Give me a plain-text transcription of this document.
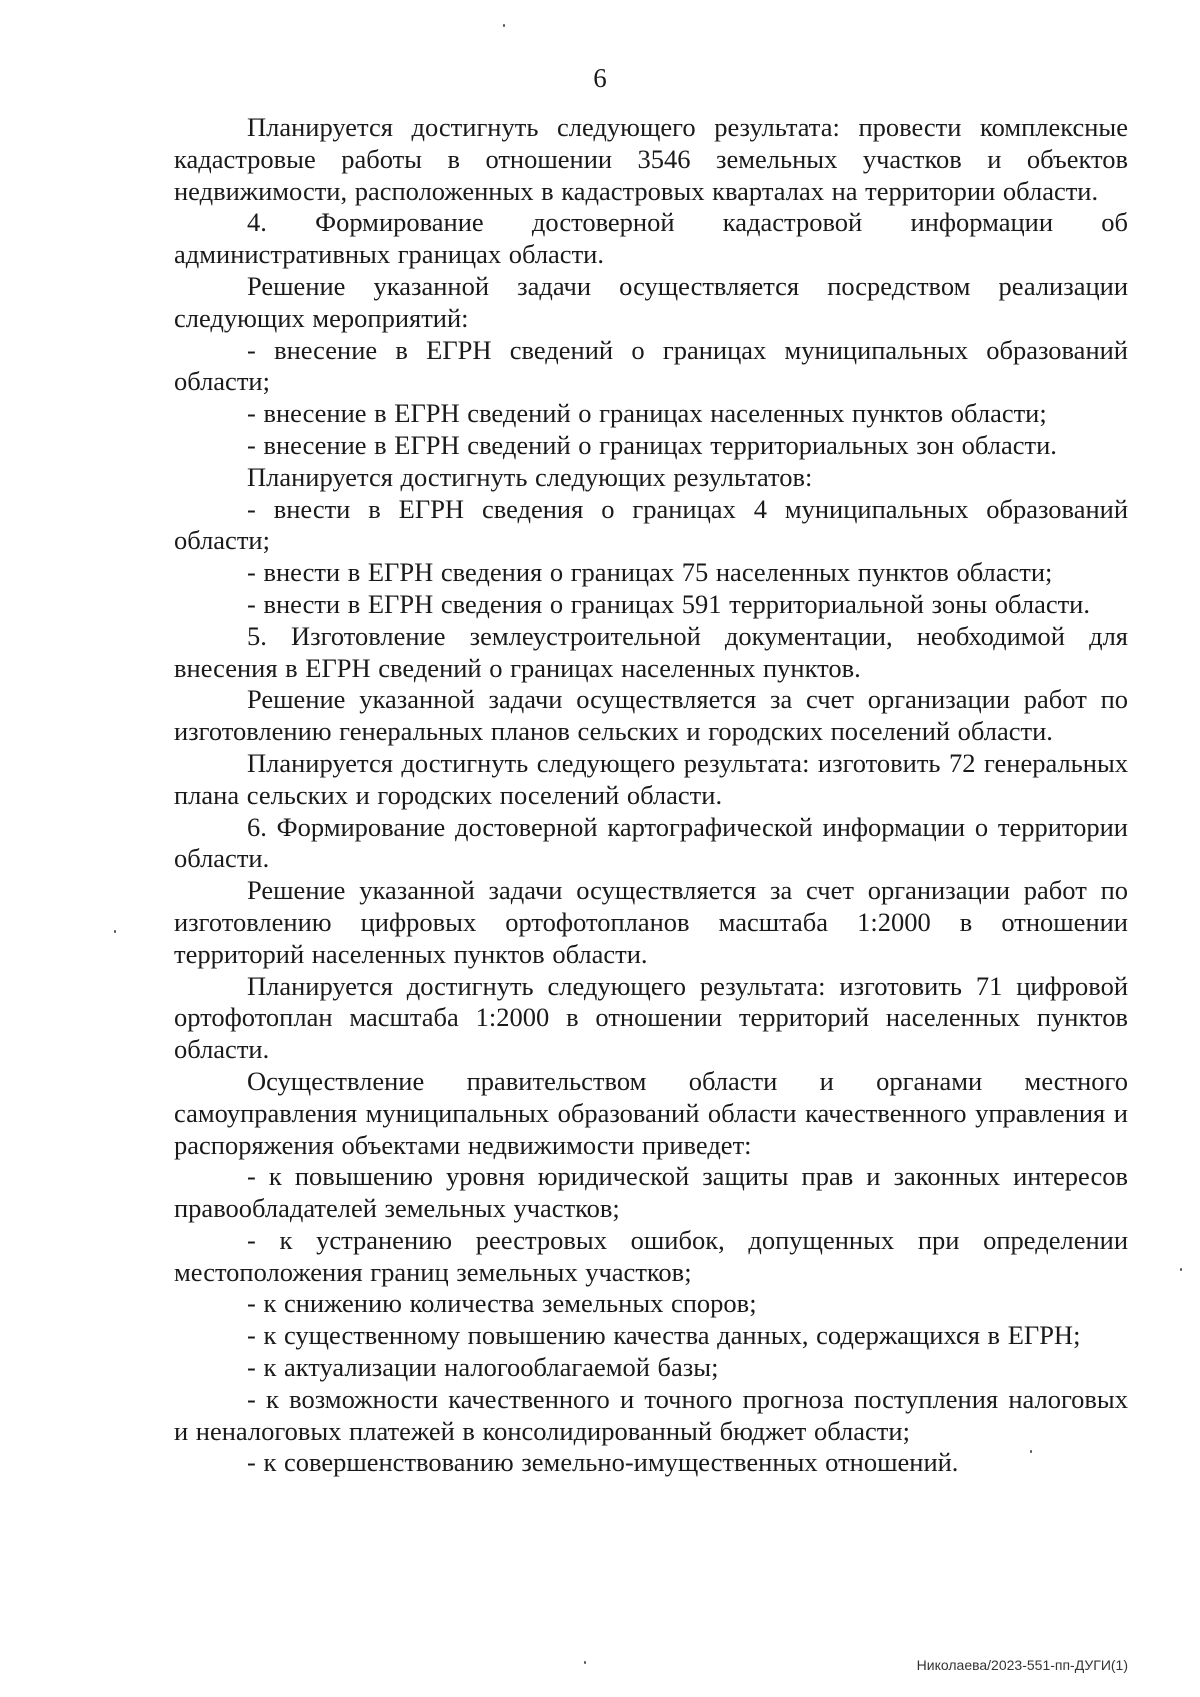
6

Планируется достигнуть следующего результата: провести комплексные кадастровые работы в отношении 3546 земельных участков и объектов недвижимости, расположенных в кадастровых кварталах на территории области.

4. Формирование достоверной кадастровой информации об административных границах области.

Решение указанной задачи осуществляется посредством реализации следующих мероприятий:

- внесение в ЕГРН сведений о границах муниципальных образований области;

- внесение в ЕГРН сведений о границах населенных пунктов области;

- внесение в ЕГРН сведений о границах территориальных зон области.

Планируется достигнуть следующих результатов:

- внести в ЕГРН сведения о границах 4 муниципальных образований области;

- внести в ЕГРН сведения о границах 75 населенных пунктов области;

- внести в ЕГРН сведения о границах 591 территориальной зоны области.

5. Изготовление землеустроительной документации, необходимой для внесения в ЕГРН сведений о границах населенных пунктов.

Решение указанной задачи осуществляется за счет организации работ по изготовлению генеральных планов сельских и городских поселений области.

Планируется достигнуть следующего результата: изготовить 72 генеральных плана сельских и городских поселений области.

6. Формирование достоверной картографической информации о территории области.

Решение указанной задачи осуществляется за счет организации работ по изготовлению цифровых ортофотопланов масштаба 1:2000 в отношении территорий населенных пунктов области.

Планируется достигнуть следующего результата: изготовить 71 цифровой ортофотоплан масштаба 1:2000 в отношении территорий населенных пунктов области.

Осуществление правительством области и органами местного самоуправления муниципальных образований области качественного управления и распоряжения объектами недвижимости приведет:

- к повышению уровня юридической защиты прав и законных интересов правообладателей земельных участков;

- к устранению реестровых ошибок, допущенных при определении местоположения границ земельных участков;

- к снижению количества земельных споров;

- к существенному повышению качества данных, содержащихся в ЕГРН;

- к актуализации налогооблагаемой базы;

- к возможности качественного и точного прогноза поступления налоговых и неналоговых платежей в консолидированный бюджет области;

- к совершенствованию земельно-имущественных отношений.

Николаева/2023-551-пп-ДУГИ(1)
